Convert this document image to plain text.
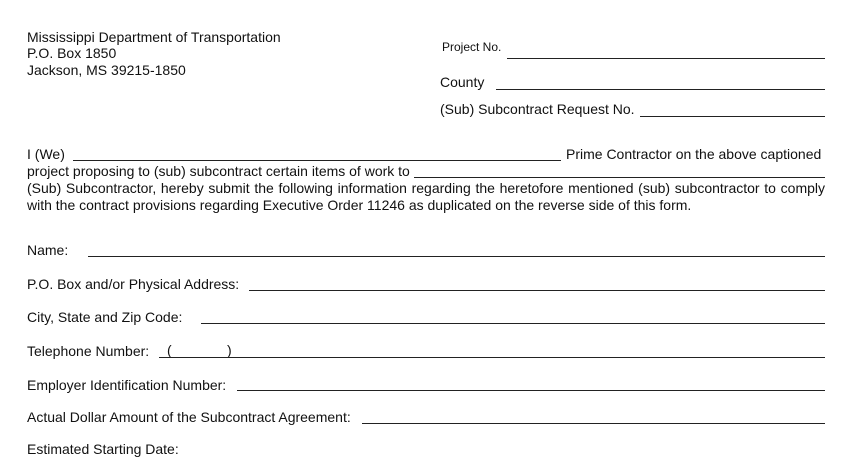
Mississippi Department of Transportation
P.O. Box 1850
Jackson, MS 39215-1850
Project No.
County
(Sub) Subcontract Request No.
I (We)	Prime Contractor on the above captioned
project proposing to (sub) subcontract certain items of work to
(Sub) Subcontractor, hereby submit the following information regarding the heretofore mentioned (sub) subcontractor to comply
with the contract provisions regarding Executive Order 11246 as duplicated on the reverse side of this form.
Name:
P.O. Box and/or Physical Address:
City, State and Zip Code:
Telephone Number: (	)
Employer Identification Number:
Actual Dollar Amount of the Subcontract Agreement:
Estimated Starting Date:
